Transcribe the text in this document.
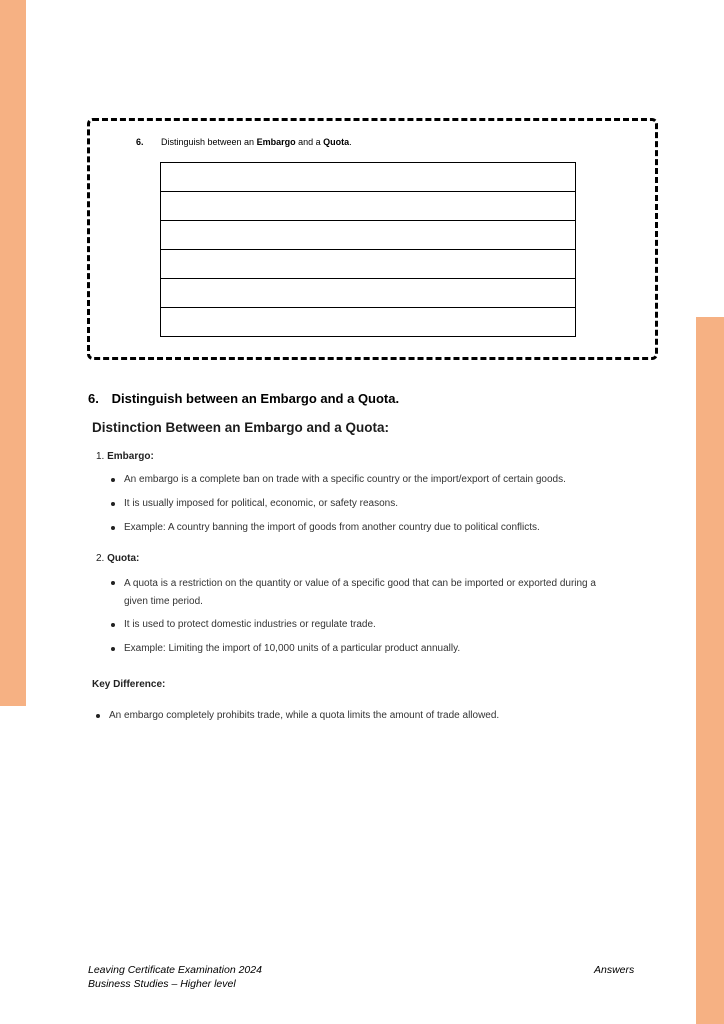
6. Distinguish between an Embargo and a Quota.
6. Distinguish between an Embargo and a Quota.
Distinction Between an Embargo and a Quota:
1. Embargo:
An embargo is a complete ban on trade with a specific country or the import/export of certain goods.
It is usually imposed for political, economic, or safety reasons.
Example: A country banning the import of goods from another country due to political conflicts.
2. Quota:
A quota is a restriction on the quantity or value of a specific good that can be imported or exported during a given time period.
It is used to protect domestic industries or regulate trade.
Example: Limiting the import of 10,000 units of a particular product annually.
Key Difference:
An embargo completely prohibits trade, while a quota limits the amount of trade allowed.
Leaving Certificate Examination 2024
Business Studies – Higher level
Answers
